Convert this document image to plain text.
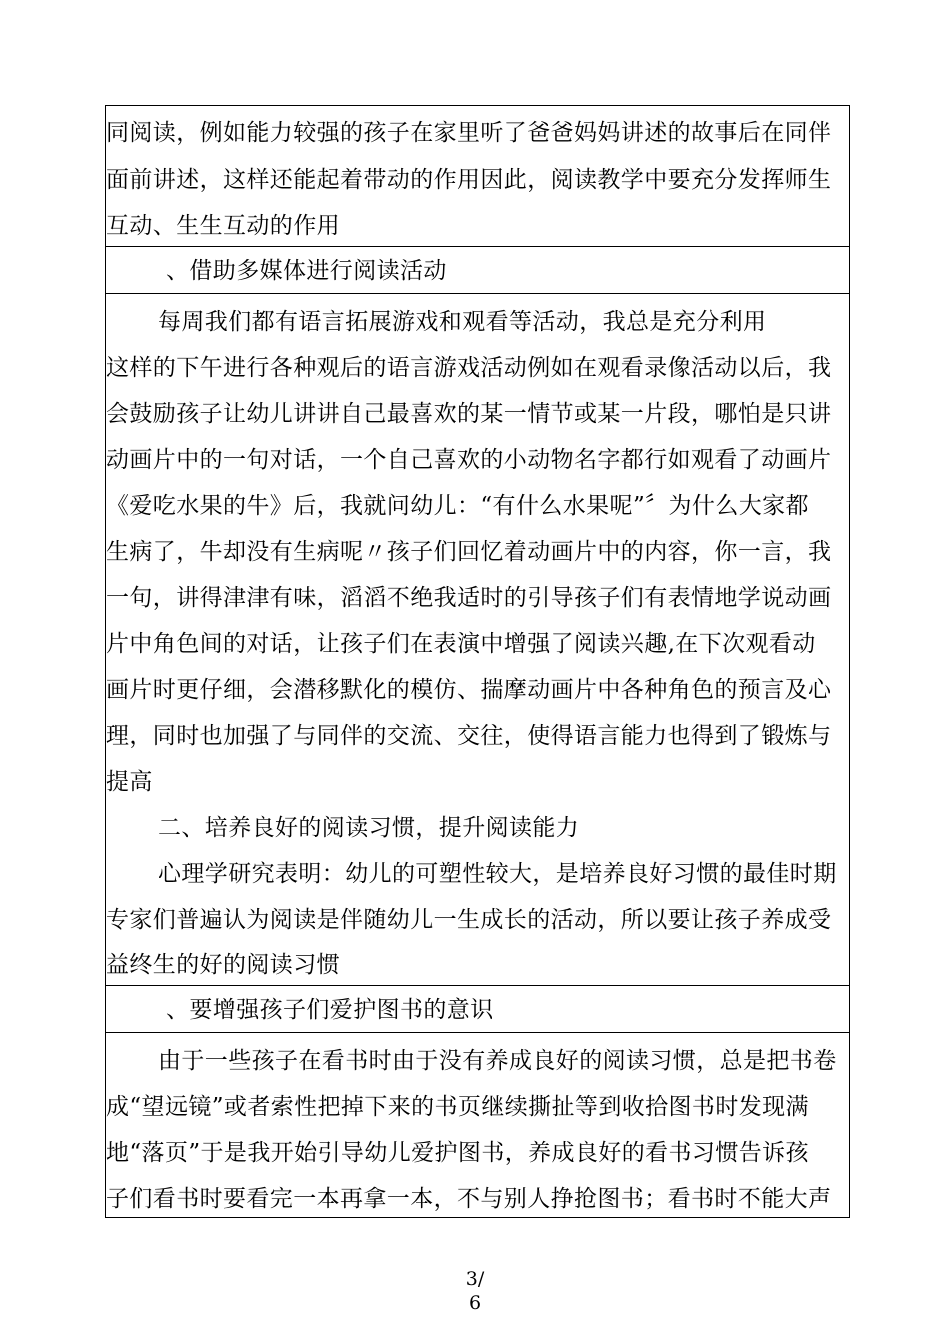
同阅读，例如能力较强的孩子在家里听了爸爸妈妈讲述的故事后在同伴
面前讲述，这样还能起着带动的作用因此，阅读教学中要充分发挥师生
互动、生生互动的作用
、借助多媒体进行阅读活动
每周我们都有语言拓展游戏和观看等活动，我总是充分利用
这样的下午进行各种观后的语言游戏活动例如在观看录像活动以后，我
会鼓励孩子让幼儿讲讲自己最喜欢的某一情节或某一片段，哪怕是只讲
动画片中的一句对话，一个自己喜欢的小动物名字都行如观看了动画片
《爱吃水果的牛》后，我就问幼儿：“有什么水果呢”〞为什么大家都
生病了，牛却没有生病呢〃孩子们回忆着动画片中的内容，你一言，我
一句，讲得津津有味，滔滔不绝我适时的引导孩子们有表情地学说动画
片中角色间的对话，让孩子们在表演中增强了阅读兴趣,在下次观看动
画片时更仔细，会潜移默化的模仿、揣摩动画片中各种角色的预言及心
理，同时也加强了与同伴的交流、交往，使得语言能力也得到了锻炼与
提高
二、培养良好的阅读习惯，提升阅读能力
心理学研究表明：幼儿的可塑性较大，是培养良好习惯的最佳时期
专家们普遍认为阅读是伴随幼儿一生成长的活动，所以要让孩子养成受
益终生的好的阅读习惯
、要增强孩子们爱护图书的意识
由于一些孩子在看书时由于没有养成良好的阅读习惯，总是把书卷
成“望远镜”或者索性把掉下来的书页继续撕扯等到收拾图书时发现满
地“落页”于是我开始引导幼儿爱护图书，养成良好的看书习惯告诉孩
子们看书时要看完一本再拿一本，不与别人挣抢图书；看书时不能大声
3/
6
